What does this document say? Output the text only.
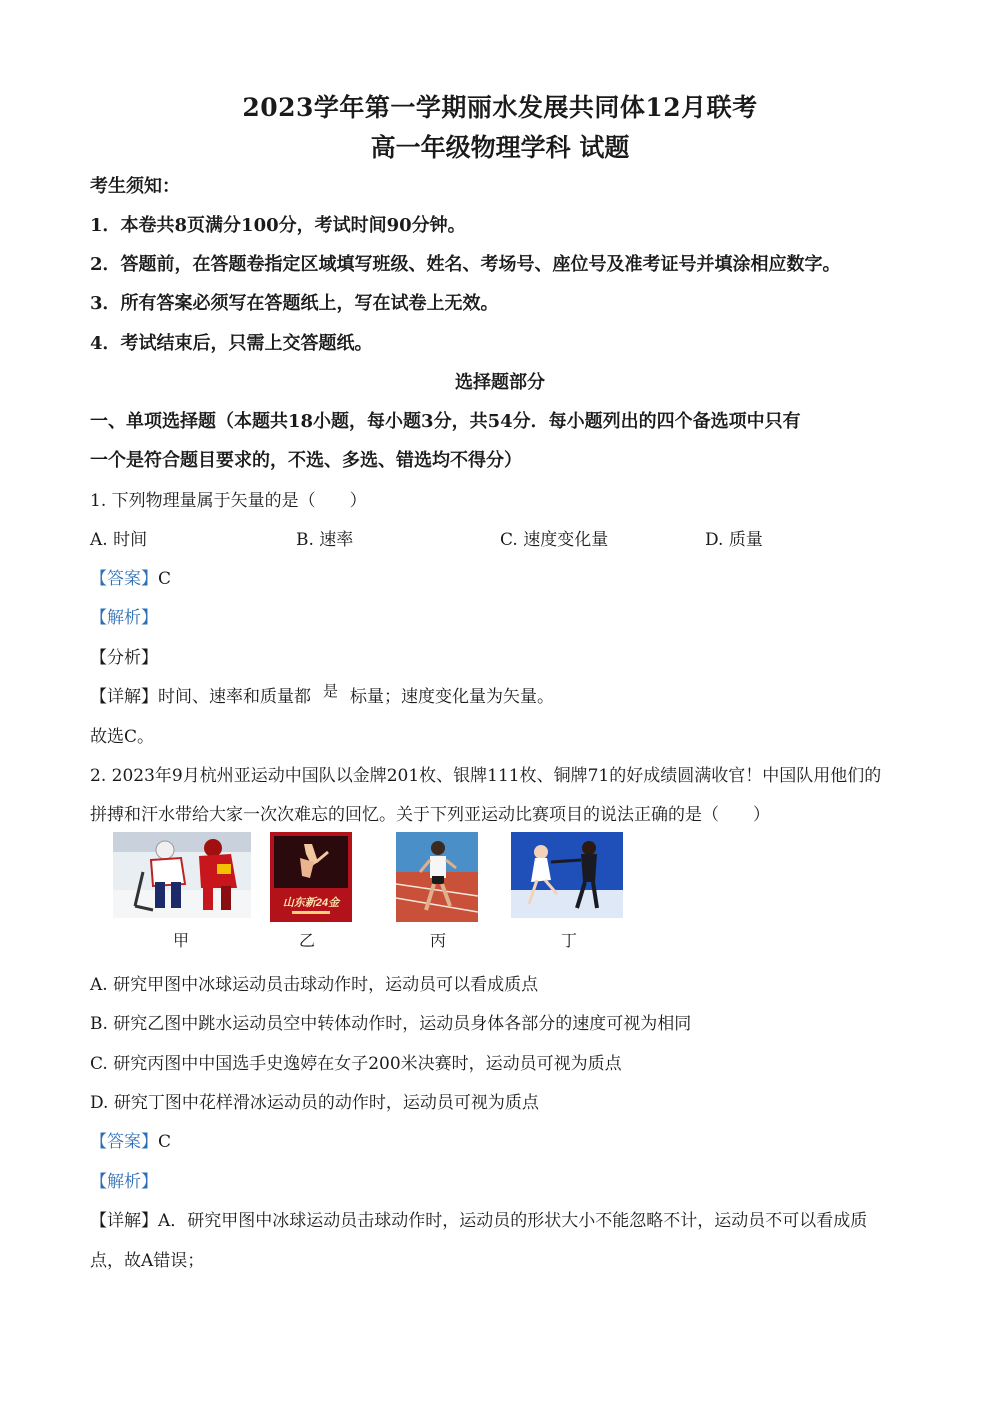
2023学年第一学期丽水发展共同体12月联考
高一年级物理学科 试题
考生须知：
1．本卷共8页满分100分，考试时间90分钟。
2．答题前，在答题卷指定区域填写班级、姓名、考场号、座位号及准考证号并填涂相应数字。
3．所有答案必须写在答题纸上，写在试卷上无效。
4．考试结束后，只需上交答题纸。
选择题部分
一、单项选择题（本题共18小题，每小题3分，共54分．每小题列出的四个备选项中只有
一个是符合题目要求的，不选、多选、错选均不得分）
1. 下列物理量属于矢量的是（　　）
A. 时间	B. 速率	C. 速度变化量	D. 质量
【答案】C
【解析】
【分析】
【详解】时间、速率和质量都 是 标量；速度变化量为矢量。
故选C。
2. 2023年9月杭州亚运动中国队以金牌201枚、银牌111枚、铜牌71的好成绩圆满收官！中国队用他们的
拼搏和汗水带给大家一次次难忘的回忆。关于下列亚运动比赛项目的说法正确的是（　　）
山东新24金
甲	乙	丙	丁
A. 研究甲图中冰球运动员击球动作时，运动员可以看成质点
B. 研究乙图中跳水运动员空中转体动作时，运动员身体各部分的速度可视为相同
C. 研究丙图中中国选手史逸婷在女子200米决赛时，运动员可视为质点
D. 研究丁图中花样滑冰运动员的动作时，运动员可视为质点
【答案】C
【解析】
【详解】A．研究甲图中冰球运动员击球动作时，运动员的形状大小不能忽略不计，运动员不可以看成质
点，故A错误；
